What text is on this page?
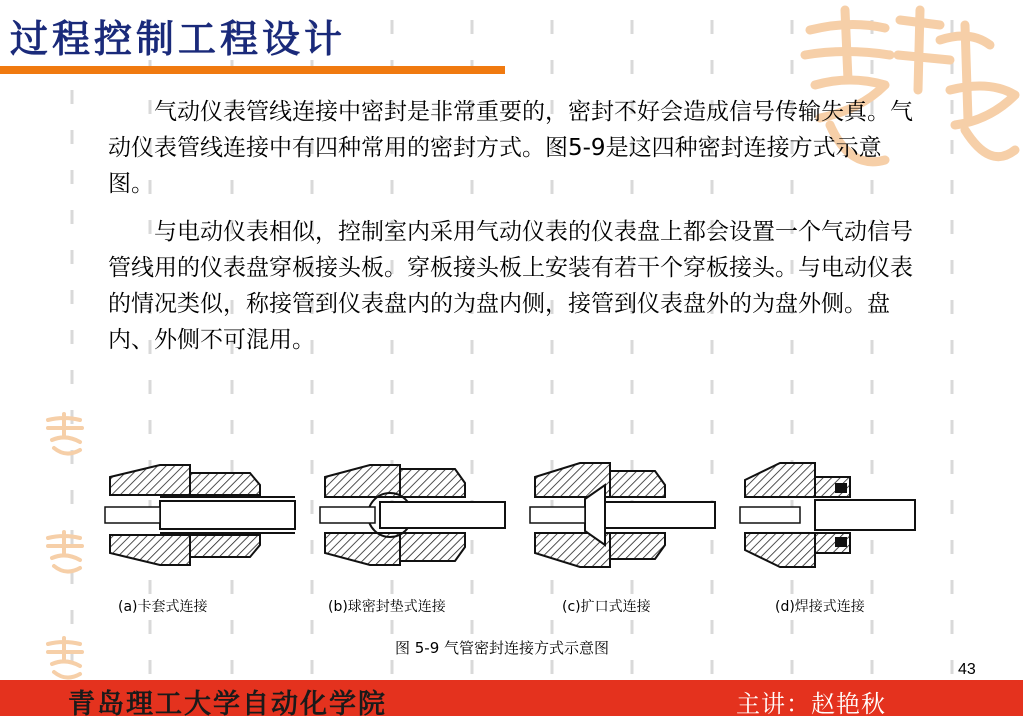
过程控制工程设计

气动仪表管线连接中密封是非常重要的，密封不好会造成信号传输失真。气动仪表管线连接中有四种常用的密封方式。图5-9是这四种密封连接方式示意图。

与电动仪表相似，控制室内采用气动仪表的仪表盘上都会设置一个气动信号管线用的仪表盘穿板接头板。穿板接头板上安装有若干个穿板接头。与电动仪表的情况类似，称接管到仪表盘内的为盘内侧，接管到仪表盘外的为盘外侧。盘内、外侧不可混用。

(a)卡套式连接	(b)球密封垫式连接	(c)扩口式连接	(d)焊接式连接
图 5-9 气管密封连接方式示意图
43
青岛理工大学自动化学院	主讲：赵艳秋
